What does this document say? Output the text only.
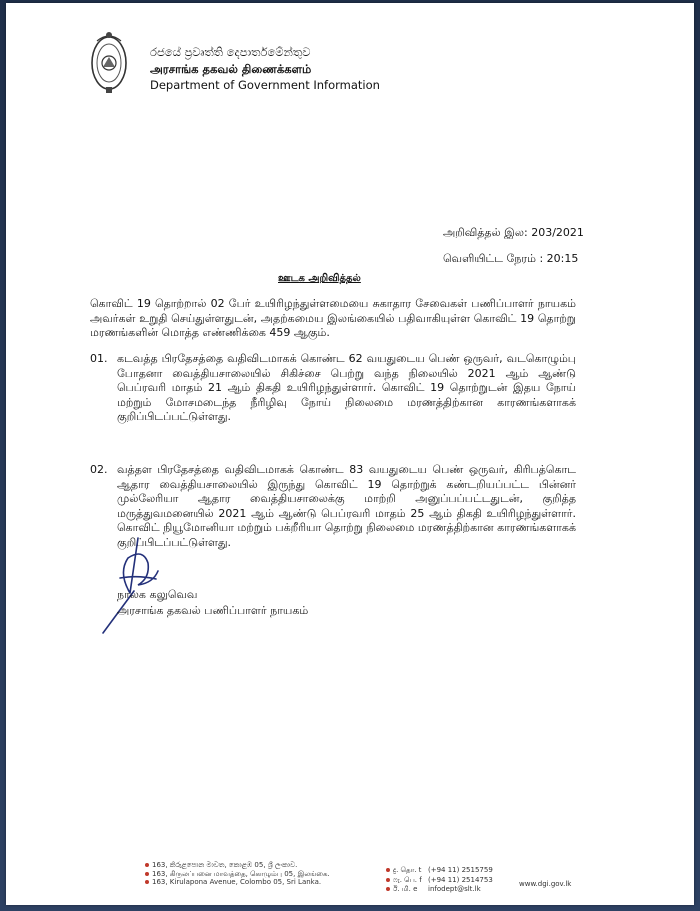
රජයේ ප්‍රවෘත්ති දෙපාර්තමේන්තුව
அரசாங்க தகவல் திணைக்களம்
Department of Government Information
அறிவித்தல் இல: 203/2021
வெளியிட்ட நேரம் : 20:15
ஊடக அறிவித்தல்
கொவிட் 19 தொற்றால் 02 பேர் உயிரிழந்துள்ளமையை சுகாதார சேவைகள் பணிப்பாளர் நாயகம் அவர்கள் உறுதி செய்துள்ளதுடன், அதற்கமைய இலங்கையில் பதிவாகியுள்ள கொவிட் 19 தொற்று மரணங்களின் மொத்த எண்ணிக்கை 459 ஆகும்.
01. கடவத்த பிரதேசத்தை வதிவிடமாகக் கொண்ட 62 வயதுடைய பெண் ஒருவர், வடகொழும்பு போதனா வைத்தியசாலையில் சிகிச்சை பெற்று வந்த நிலையில் 2021 ஆம் ஆண்டு பெப்ரவரி மாதம் 21 ஆம் திகதி உயிரிழந்துள்ளார். கொவிட் 19 தொற்றுடன் இதய நோய் மற்றும் மோசமடைந்த நீரிழிவு நோய் நிலைமை மரணத்திற்கான காரணங்களாகக் குறிப்பிடப்பட்டுள்ளது.
02. வத்தள பிரதேசத்தை வதிவிடமாகக் கொண்ட 83 வயதுடைய பெண் ஒருவர், கிரிபத்கொட ஆதார வைத்தியசாலையில் இருந்து கொவிட் 19 தொற்றுக் கண்டறியப்பட்ட பின்னர் முல்லேரியா ஆதார வைத்தியசாலைக்கு மாற்றி அனுப்பப்பட்டதுடன், குறித்த மருத்துவமனையில் 2021 ஆம் ஆண்டு பெப்ரவரி மாதம் 25 ஆம் திகதி உயிரிழந்துள்ளார். கொவிட் நியூமோனியா மற்றும் பக்றீரியா தொற்று நிலைமை மரணத்திற்கான காரணங்களாகக் குறிப்பிடப்பட்டுள்ளது.
நாலக கலுவெவ
அரசாங்க தகவல் பணிப்பாளர் நாயகம்
163, කිරුළපොන මාවත, කොළඹ 05, ශ්‍රී ලංකාව.
163, கிருலப்பனை மாவத்தை, கொழும்பு 05, இலங்கை.
163, Kirulapona Avenue, Colombo 05, Sri Lanka.
දු. தொ. t (+94 11) 2515759
ෆැ. பெ. f (+94 11) 2514753
ඊ. மி. e infodept@slt.lk
www.dgi.gov.lk
